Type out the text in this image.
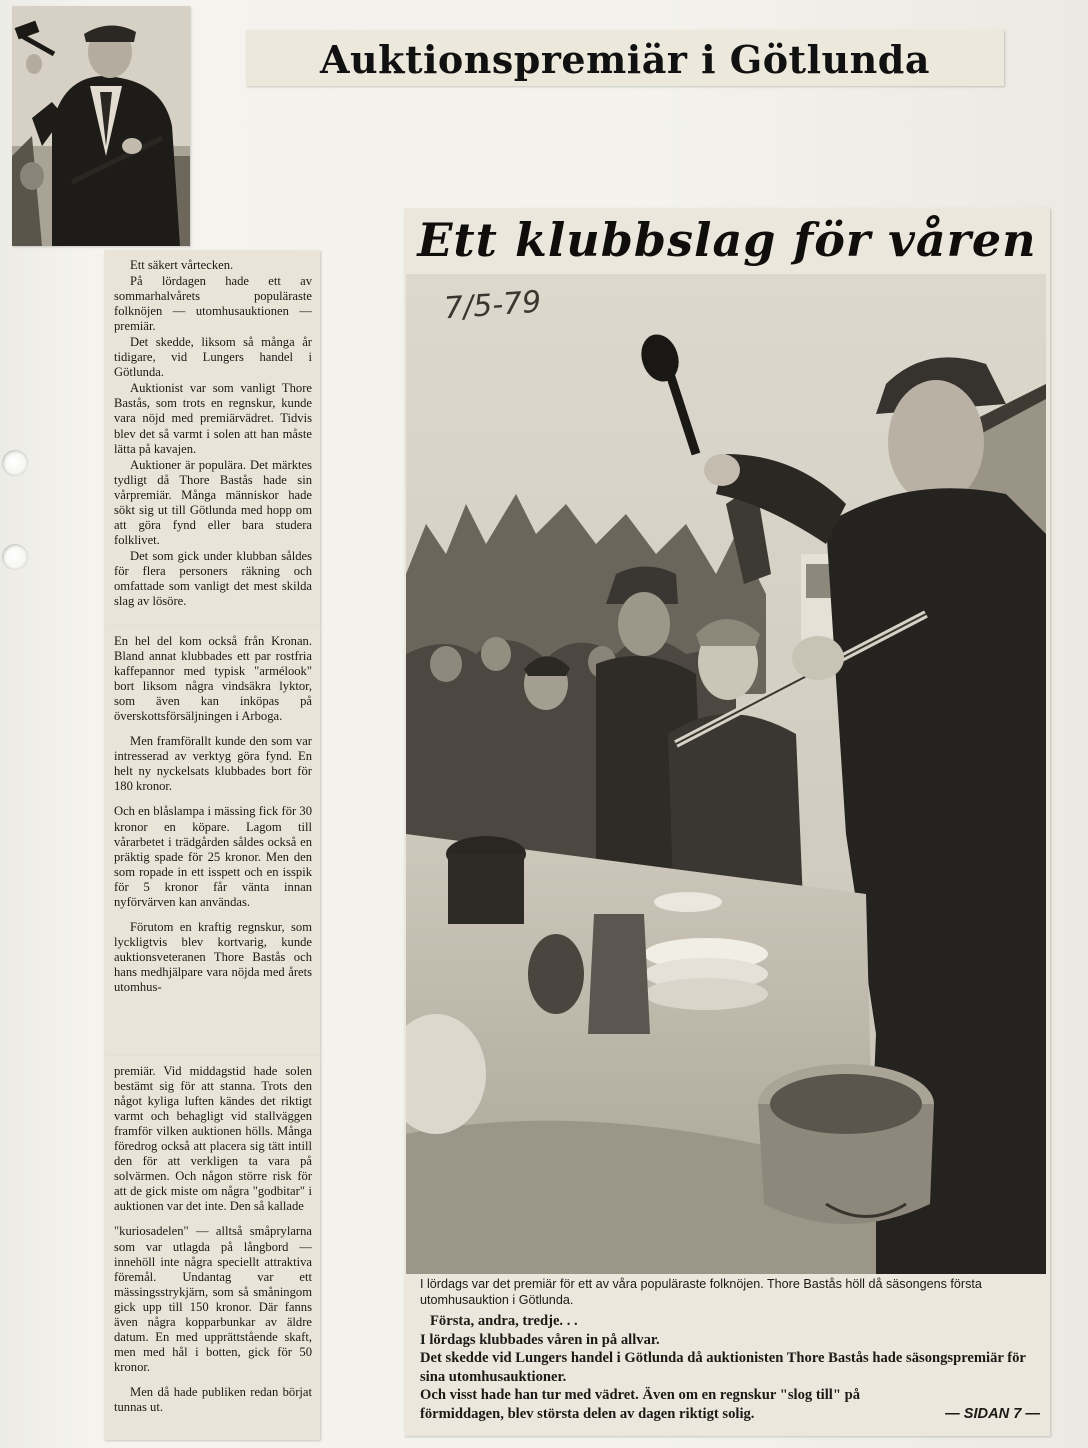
Auktionspremiär i Götlunda

Ett säkert vårtecken.

På lördagen hade ett av sommarhalvårets populäraste folknöjen — utomhusauktionen — premiär.

Det skedde, liksom så många år tidigare, vid Lungers handel i Götlunda.

Auktionist var som vanligt Thore Bastås, som trots en regnskur, kunde vara nöjd med premiärvädret. Tidvis blev det så varmt i solen att han måste lätta på kavajen.

Auktioner är populära. Det märktes tydligt då Thore Bastås hade sin vårpremiär. Många människor hade sökt sig ut till Götlunda med hopp om att göra fynd eller bara studera folklivet.

Det som gick under klubban såldes för flera personers räkning och omfattade som vanligt det mest skilda slag av lösöre.

En hel del kom också från Kronan. Bland annat klubbades ett par rostfria kaffepannor med typisk "armélook" bort liksom några vindsäkra lyktor, som även kan inköpas på överskottsförsäljningen i Arboga.

Men framförallt kunde den som var intresserad av verktyg göra fynd. En helt ny nyckelsats klubbades bort för 180 kronor.

Och en blåslampa i mässing fick för 30 kronor en köpare. Lagom till vårarbetet i trädgården såldes också en präktig spade för 25 kronor. Men den som ropade in ett isspett och en isspik för 5 kronor får vänta innan nyförvärven kan användas.

Förutom en kraftig regnskur, som lyckligtvis blev kortvarig, kunde auktionsveteranen Thore Bastås och hans medhjälpare vara nöjda med årets utomhus-

premiär. Vid middagstid hade solen bestämt sig för att stanna. Trots den något kyliga luften kändes det riktigt varmt och behagligt vid stallväggen framför vilken auktionen hölls. Många föredrog också att placera sig tätt intill den för att verkligen ta vara på solvärmen. Och någon större risk för att de gick miste om några "godbitar" i auktionen var det inte. Den så kallade

"kuriosadelen" — alltså småprylarna som var utlagda på långbord — innehöll inte några speciellt attraktiva föremål. Undantag var ett mässingsstrykjärn, som så småningom gick upp till 150 kronor. Där fanns även några kopparbunkar av äldre datum. En med upprättstående skaft, men med hål i botten, gick för 50 kronor.

Men då hade publiken redan börjat tunnas ut.

Ett klubbslag för våren
7/5-79
I lördags var det premiär för ett av våra populäraste folknöjen. Thore Bastås höll då säsongens första utomhusauktion i Götlunda.

Första, andra, tredje. . .

I lördags klubbades våren in på allvar.

Det skedde vid Lungers handel i Götlunda då auktionisten Thore Bastås hade säsongspremiär för sina utomhusauktioner.

Och visst hade han tur med vädret. Även om en regnskur "slog till" på förmiddagen, blev största delen av dagen riktigt solig.	— SIDAN 7 —
